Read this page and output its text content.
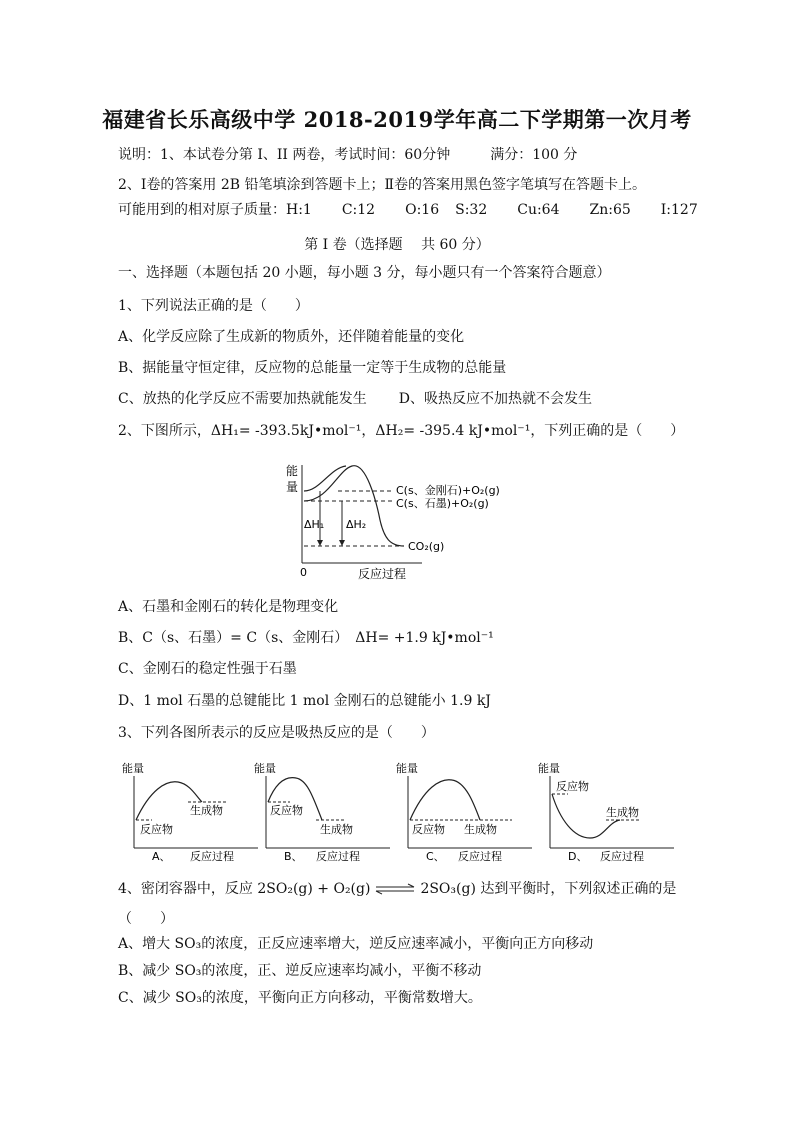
福建省长乐高级中学 2018-2019学年高二下学期第一次月考
说明：1、本试卷分第 I、II 两卷，考试时间：60分钟	满分：100 分
2、Ⅰ卷的答案用 2B 铅笔填涂到答题卡上；Ⅱ卷的答案用黑色签字笔填写在答题卡上。
可能用到的相对原子质量：H:1 C:12 O:16 S:32 Cu:64 Zn:65 I:127
第 I 卷（选择题　 共 60 分）
一、选择题（本题包括 20 小题，每小题 3 分，每小题只有一个答案符合题意）
1、下列说法正确的是（　　）
A、化学反应除了生成新的物质外，还伴随着能量的变化
B、据能量守恒定律，反应物的总能量一定等于生成物的总能量
C、放热的化学反应不需要加热就能发生 D、吸热反应不加热就不会发生
2、下图所示，ΔH₁= -393.5kJ•mol⁻¹，ΔH₂= -395.4 kJ•mol⁻¹，下列正确的是（　　）
能
量
0	反应过程
ΔH₁ ΔH₂
C(s、金刚石)+O₂(g)
C(s、石墨)+O₂(g)
CO₂(g)
A、石墨和金刚石的转化是物理变化
B、C（s、石墨）= C（s、金刚石）　ΔH= +1.9 kJ•mol⁻¹
C、金刚石的稳定性强于石墨
D、1 mol 石墨的总键能比 1 mol 金刚石的总键能小 1.9 kJ
3、下列各图所表示的反应是吸热反应的是（　　）
能量
反应物
生成物
A、 反应过程
能量
反应物
生成物
B、 反应过程
能量
反应物 生成物
C、 反应过程
能量
反应物
生成物
D、 反应过程
4、密闭容器中，反应 2SO₂(g) + O₂(g) ⇌ 2SO₃(g) 达到平衡时，下列叙述正确的是
（　　）
A、增大 SO₃的浓度，正反应速率增大，逆反应速率减小，平衡向正方向移动
B、减少 SO₃的浓度，正、逆反应速率均减小，平衡不移动
C、减少 SO₃的浓度，平衡向正方向移动，平衡常数增大。
